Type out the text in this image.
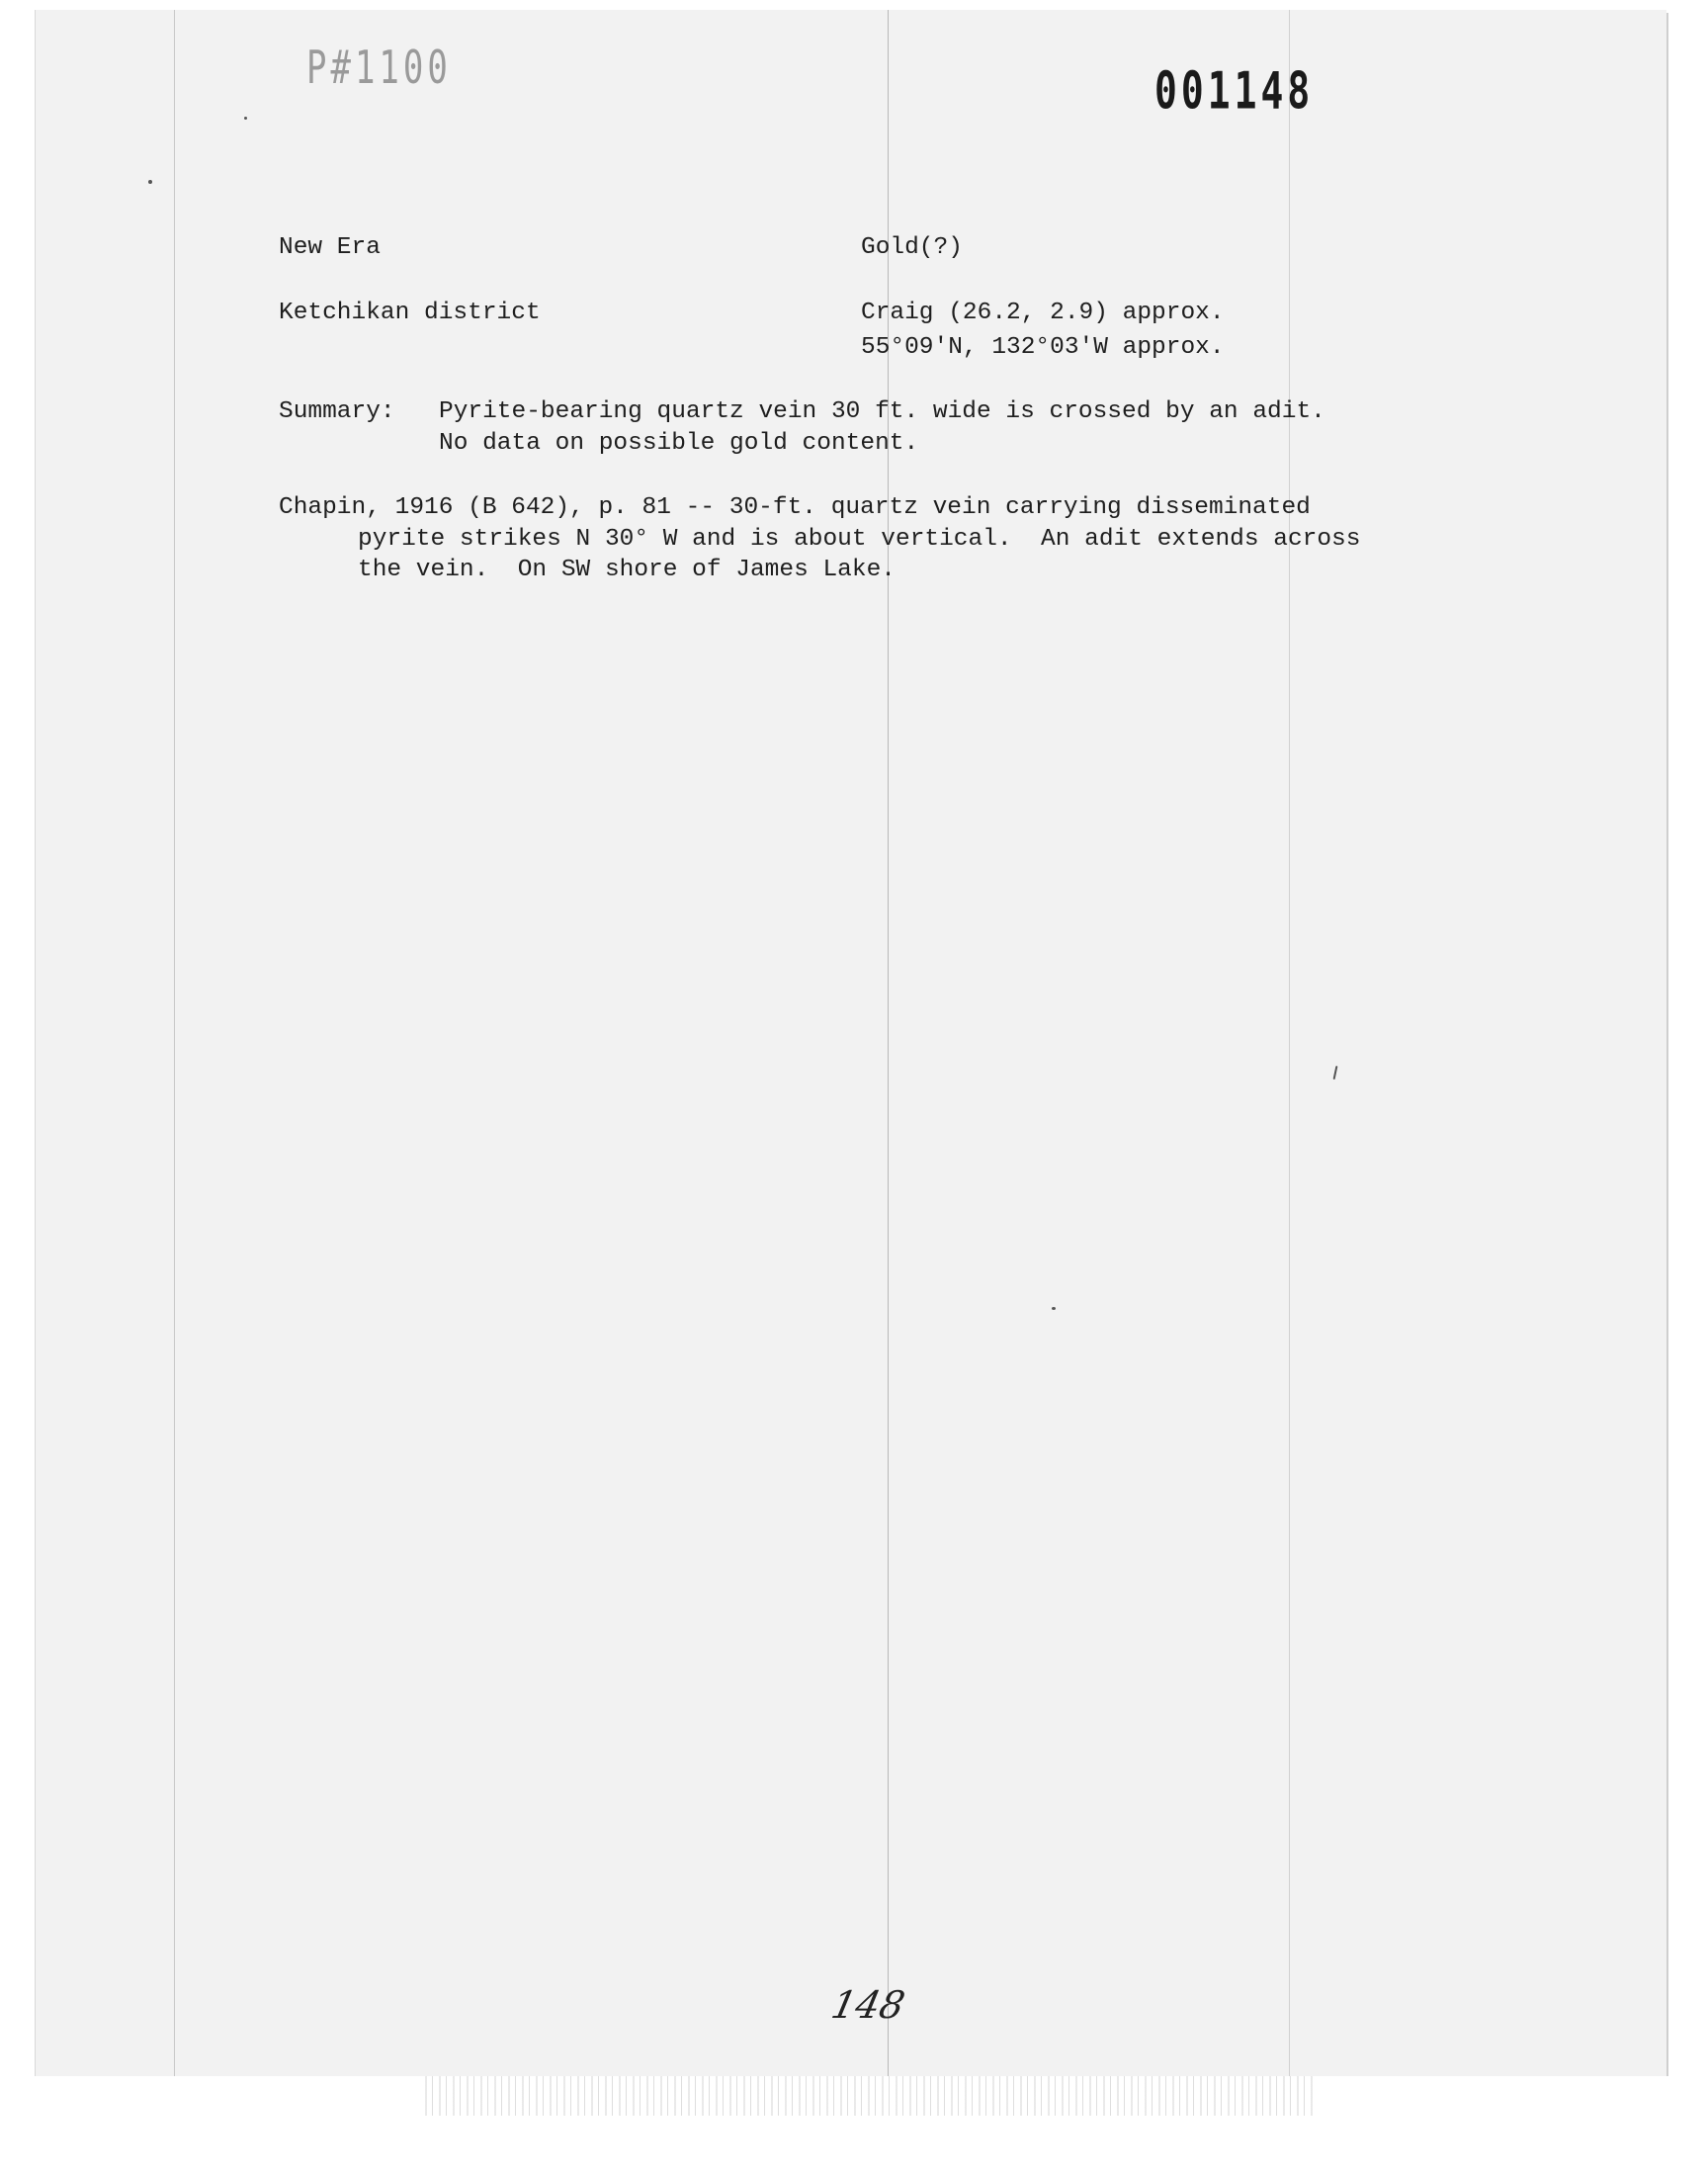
P#1100	001148
New Era	Gold(?)
Ketchikan district	Craig (26.2, 2.9) approx.
55°09'N, 132°03'W approx.
Summary: Pyrite-bearing quartz vein 30 ft. wide is crossed by an adit.
No data on possible gold content.
Chapin, 1916 (B 642), p. 81 -- 30-ft. quartz vein carrying disseminated
pyrite strikes N 30° W and is about vertical.  An adit extends across
the vein.  On SW shore of James Lake.
148
